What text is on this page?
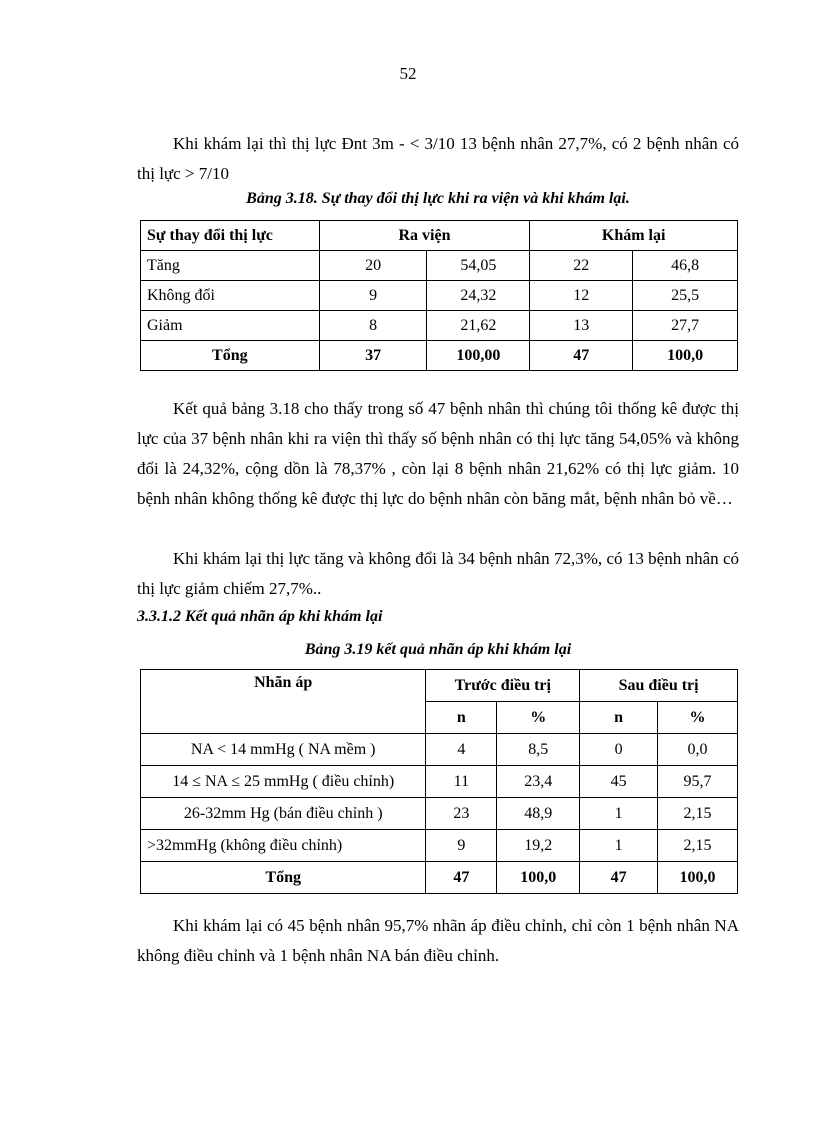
52

Khi khám lại thì thị lực Đnt 3m - < 3/10 13 bệnh nhân 27,7%, có 2 bệnh nhân có thị lực > 7/10

Bảng 3.18. Sự thay đổi thị lực khi ra viện và khi khám lại.
Sự thay đổi thị lực	Ra viện		Khám lại	
Tăng	20	54,05	22	46,8
Không đổi	9	24,32	12	25,5
Giảm	8	21,62	13	27,7
Tổng	37	100,00	47	100,0

Kết quả bảng 3.18 cho thấy trong số 47 bệnh nhân thì chúng tôi thống kê được thị lực của 37 bệnh nhân khi ra viện thì thấy số bệnh nhân có thị lực tăng 54,05% và không đổi là 24,32%, cộng dồn là 78,37% , còn lại 8 bệnh nhân 21,62% có thị lực giảm. 10 bệnh nhân không thống kê được thị lực do bệnh nhân còn băng mắt, bệnh nhân bỏ về…

Khi khám lại thị lực tăng và không đổi là 34 bệnh nhân 72,3%, có 13 bệnh nhân có thị lực giảm chiếm 27,7%..

3.3.1.2 Kết quả nhãn áp khi khám lại
Bảng 3.19 kết quả nhãn áp khi khám lại
Nhãn áp	Trước điều trị		Sau điều trị	
	n	%	n	%
NA < 14 mmHg ( NA mềm )	4	8,5	0	0,0
14 ≤ NA ≤ 25 mmHg ( điều chỉnh)	11	23,4	45	95,7
26-32mm Hg (bán điều chỉnh )	23	48,9	1	2,15
>32mmHg (không điều chỉnh)	9	19,2	1	2,15
Tổng	47	100,0	47	100,0

Khi khám lại có 45 bệnh nhân 95,7% nhãn áp điều chỉnh, chỉ còn 1 bệnh nhân NA không điều chỉnh và 1 bệnh nhân NA bán điều chỉnh.
